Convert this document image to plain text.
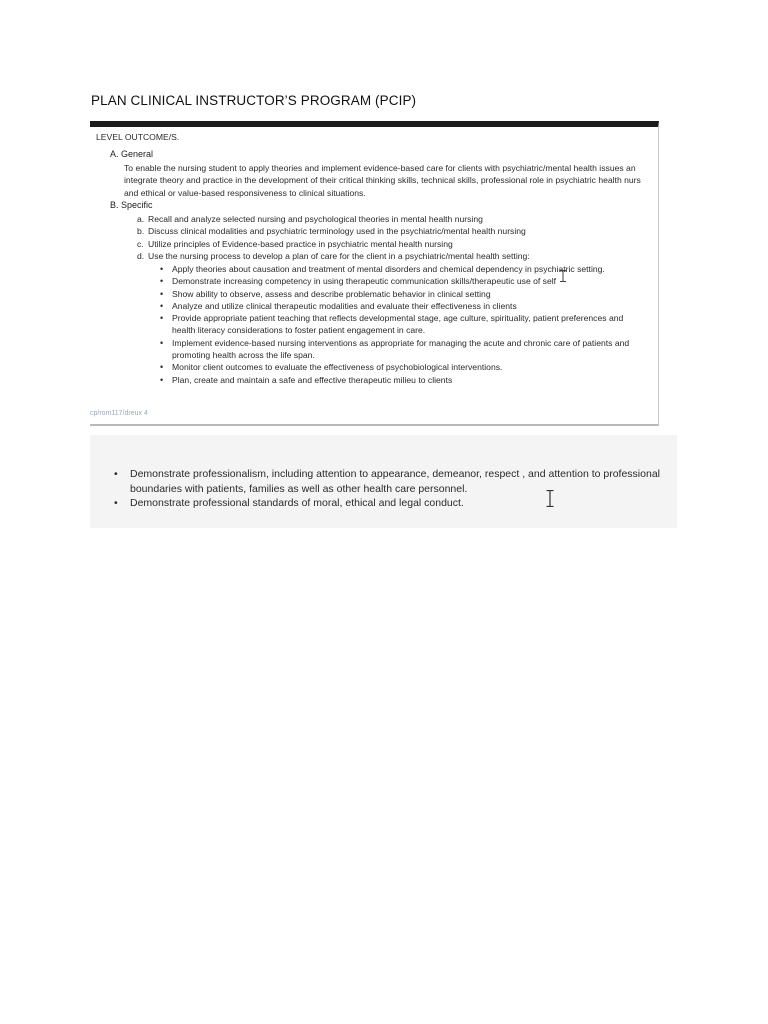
PLAN CLINICAL INSTRUCTOR’S PROGRAM (PCIP)
LEVEL OUTCOME/S.
A. General
To enable the nursing student to apply theories and implement evidence-based care for clients with psychiatric/mental health issues an
integrate theory and practice in the development of their critical thinking skills, technical skills, professional role in psychiatric health nurs
and ethical or value-based responsiveness to clinical situations.
B. Specific
a. Recall and analyze selected nursing and psychological theories in mental health nursing
b. Discuss clinical modalities and psychiatric terminology used in the psychiatric/mental health nursing
c. Utilize principles of Evidence-based practice in psychiatric mental health nursing
d. Use the nursing process to develop a plan of care for the client in a psychiatric/mental health setting:
•	Apply theories about causation and treatment of mental disorders and chemical dependency in psychiatric setting.
•	Demonstrate increasing competency in using therapeutic communication skills/therapeutic use of self
•	Show ability to observe, assess and describe problematic behavior in clinical setting
•	Analyze and utilize clinical therapeutic modalities and evaluate their effectiveness in clients
•	Provide appropriate patient teaching that reflects developmental stage, age culture, spirituality, patient preferences and
health literacy considerations to foster patient engagement in care.
•	Implement evidence-based nursing interventions as appropriate for managing the acute and chronic care of patients and
promoting health across the life span.
•	Monitor client outcomes to evaluate the effectiveness of psychobiological interventions.
•	Plan, create and maintain a safe and effective therapeutic milieu to clients
cp/rom117/dreux 4
•	Demonstrate professionalism, including attention to appearance, demeanor, respect , and attention to professional
boundaries with patients, families as well as other health care personnel.
•	Demonstrate professional standards of moral, ethical and legal conduct.
